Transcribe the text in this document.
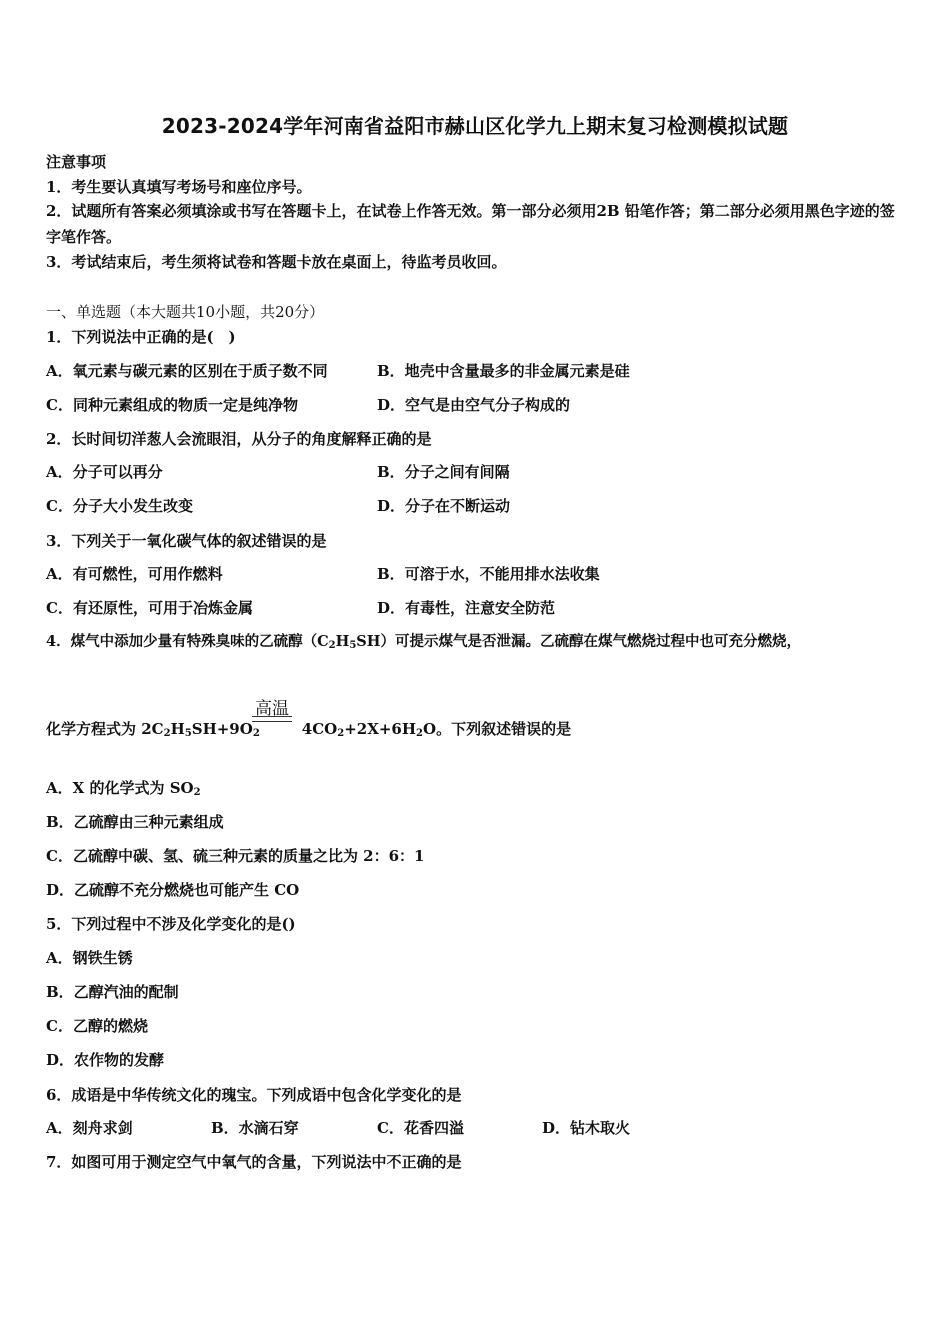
2023-2024学年河南省益阳市赫山区化学九上期末复习检测模拟试题
注意事项
1．考生要认真填写考场号和座位序号。
2．试题所有答案必须填涂或书写在答题卡上，在试卷上作答无效。第一部分必须用2B 铅笔作答；第二部分必须用黑色字迹的签字笔作答。
3．考试结束后，考生须将试卷和答题卡放在桌面上，待监考员收回。
一、单选题（本大题共10小题，共20分）
1．下列说法中正确的是(　)
A．氧元素与碳元素的区别在于质子数不同	B．地壳中含量最多的非金属元素是硅
C．同种元素组成的物质一定是纯净物	D．空气是由空气分子构成的
2．长时间切洋葱人会流眼泪，从分子的角度解释正确的是
A．分子可以再分	B．分子之间有间隔
C．分子大小发生改变	D．分子在不断运动
3．下列关于一氧化碳气体的叙述错误的是
A．有可燃性，可用作燃料	B．可溶于水，不能用排水法收集
C．有还原性，可用于冶炼金属	D．有毒性，注意安全防范
4．煤气中添加少量有特殊臭味的乙硫醇$(C_2H_5SH)$可提示煤气是否泄漏。乙硫醇在煤气燃烧过程中也可充分燃烧，
高温
化学方程式为 $2C_2H_5SH+9O_2$	$4CO_2+2X+6H_2O$。下列叙述错误的是
A．X 的化学式为 $SO_2$
B．乙硫醇由三种元素组成
C．乙硫醇中碳、氢、硫三种元素的质量之比为 2：6：1
D．乙硫醇不充分燃烧也可能产生 CO
5．下列过程中不涉及化学变化的是()
A．钢铁生锈
B．乙醇汽油的配制
C．乙醇的燃烧
D．农作物的发酵
6．成语是中华传统文化的瑰宝。下列成语中包含化学变化的是
A．刻舟求剑	B．水滴石穿	C．花香四溢	D．钻木取火
7．如图可用于测定空气中氧气的含量，下列说法中不正确的是
